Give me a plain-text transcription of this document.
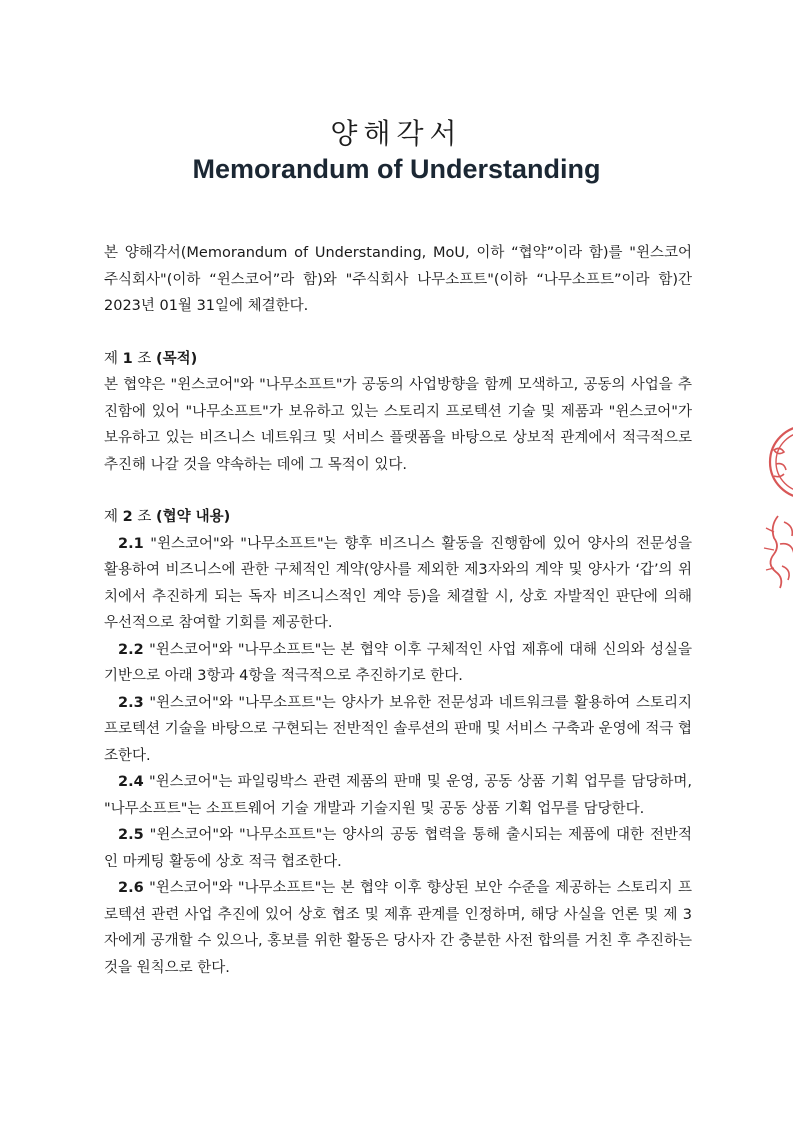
양해각서
Memorandum of Understanding

본 양해각서(Memorandum of Understanding, MoU, 이하 “협약”이라 함)를 "윈스코어 주식회사"(이하 “윈스코어”라 함)와 "주식회사 나무소프트"(이하 “나무소프트”이라 함)간 2023년 01월 31일에 체결한다.

제 1 조 (목적)

본 협약은 "윈스코어"와 "나무소프트"가 공동의 사업방향을 함께 모색하고, 공동의 사업을 추진함에 있어 "나무소프트"가 보유하고 있는 스토리지 프로텍션 기술 및 제품과 "윈스코어"가 보유하고 있는 비즈니스 네트워크 및 서비스 플랫폼을 바탕으로 상보적 관계에서 적극적으로 추진해 나갈 것을 약속하는 데에 그 목적이 있다.

제 2 조 (협약 내용)

2.1 "윈스코어"와 "나무소프트"는 향후 비즈니스 활동을 진행함에 있어 양사의 전문성을 활용하여 비즈니스에 관한 구체적인 계약(양사를 제외한 제3자와의 계약 및 양사가 ‘갑’의 위치에서 추진하게 되는 독자 비즈니스적인 계약 등)을 체결할 시, 상호 자발적인 판단에 의해 우선적으로 참여할 기회를 제공한다.

2.2 "윈스코어"와 "나무소프트"는 본 협약 이후 구체적인 사업 제휴에 대해 신의와 성실을 기반으로 아래 3항과 4항을 적극적으로 추진하기로 한다.

2.3 "윈스코어"와 "나무소프트"는 양사가 보유한 전문성과 네트워크를 활용하여 스토리지 프로텍션 기술을 바탕으로 구현되는 전반적인 솔루션의 판매 및 서비스 구축과 운영에 적극 협조한다.

2.4 "윈스코어"는 파일링박스 관련 제품의 판매 및 운영, 공동 상품 기획 업무를 담당하며, "나무소프트"는 소프트웨어 기술 개발과 기술지원 및 공동 상품 기획 업무를 담당한다.

2.5 "윈스코어"와 "나무소프트"는 양사의 공동 협력을 통해 출시되는 제품에 대한 전반적인 마케팅 활동에 상호 적극 협조한다.

2.6 "윈스코어"와 "나무소프트"는 본 협약 이후 향상된 보안 수준을 제공하는 스토리지 프로텍션 관련 사업 추진에 있어 상호 협조 및 제휴 관계를 인정하며, 해당 사실을 언론 및 제 3자에게 공개할 수 있으나, 홍보를 위한 활동은 당사자 간 충분한 사전 합의를 거친 후 추진하는 것을 원칙으로 한다.
